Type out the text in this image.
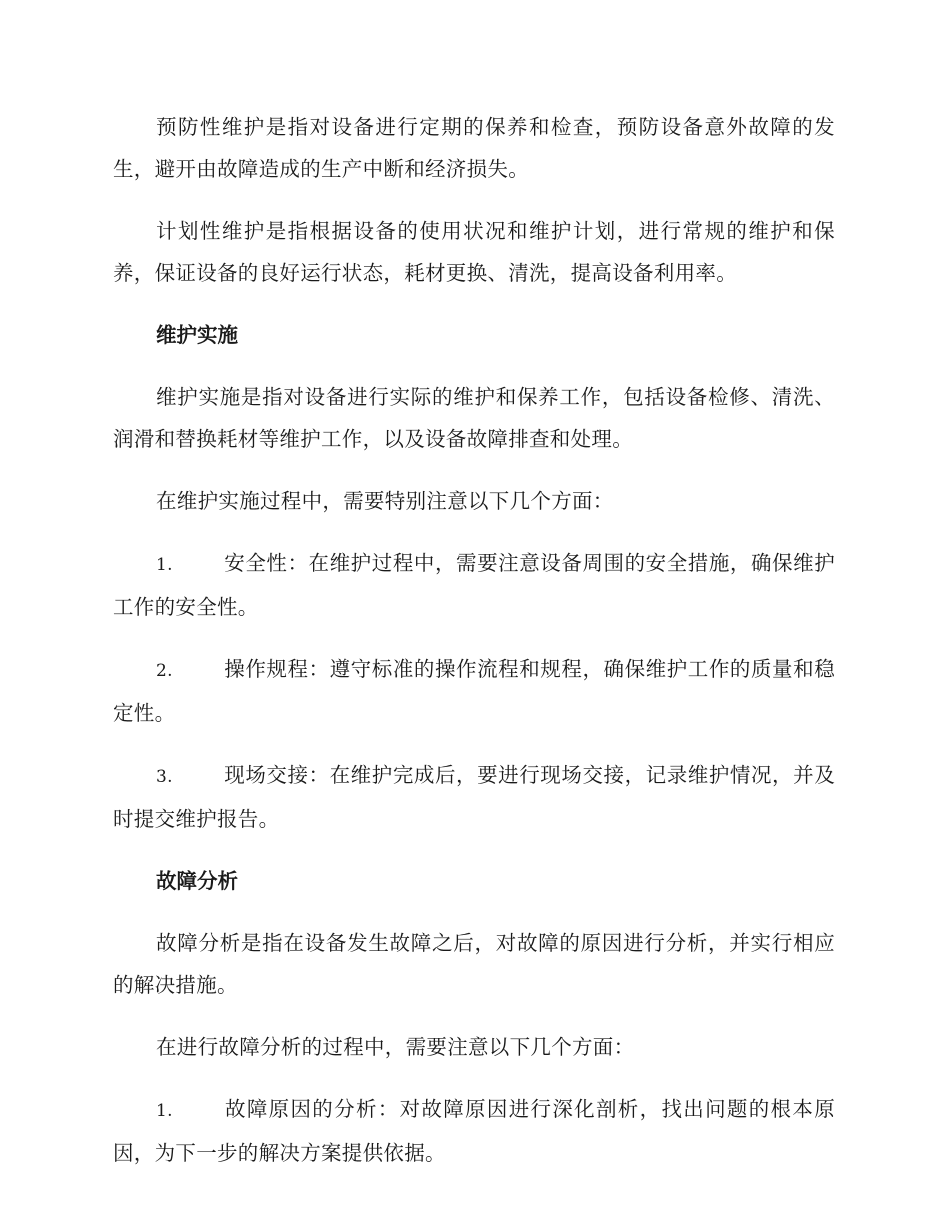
预防性维护是指对设备进行定期的保养和检查，预防设备意外故障的发生，避开由故障造成的生产中断和经济损失。

计划性维护是指根据设备的使用状况和维护计划，进行常规的维护和保养，保证设备的良好运行状态，耗材更换、清洗，提高设备利用率。

维护实施

维护实施是指对设备进行实际的维护和保养工作，包括设备检修、清洗、润滑和替换耗材等维护工作，以及设备故障排查和处理。

在维护实施过程中，需要特别注意以下几个方面：

1. 安全性：在维护过程中，需要注意设备周围的安全措施，确保维护工作的安全性。

2. 操作规程：遵守标准的操作流程和规程，确保维护工作的质量和稳定性。

3. 现场交接：在维护完成后，要进行现场交接，记录维护情况，并及时提交维护报告。

故障分析

故障分析是指在设备发生故障之后，对故障的原因进行分析，并实行相应的解决措施。

在进行故障分析的过程中，需要注意以下几个方面：

1. 故障原因的分析：对故障原因进行深化剖析，找出问题的根本原因，为下一步的解决方案提供依据。
